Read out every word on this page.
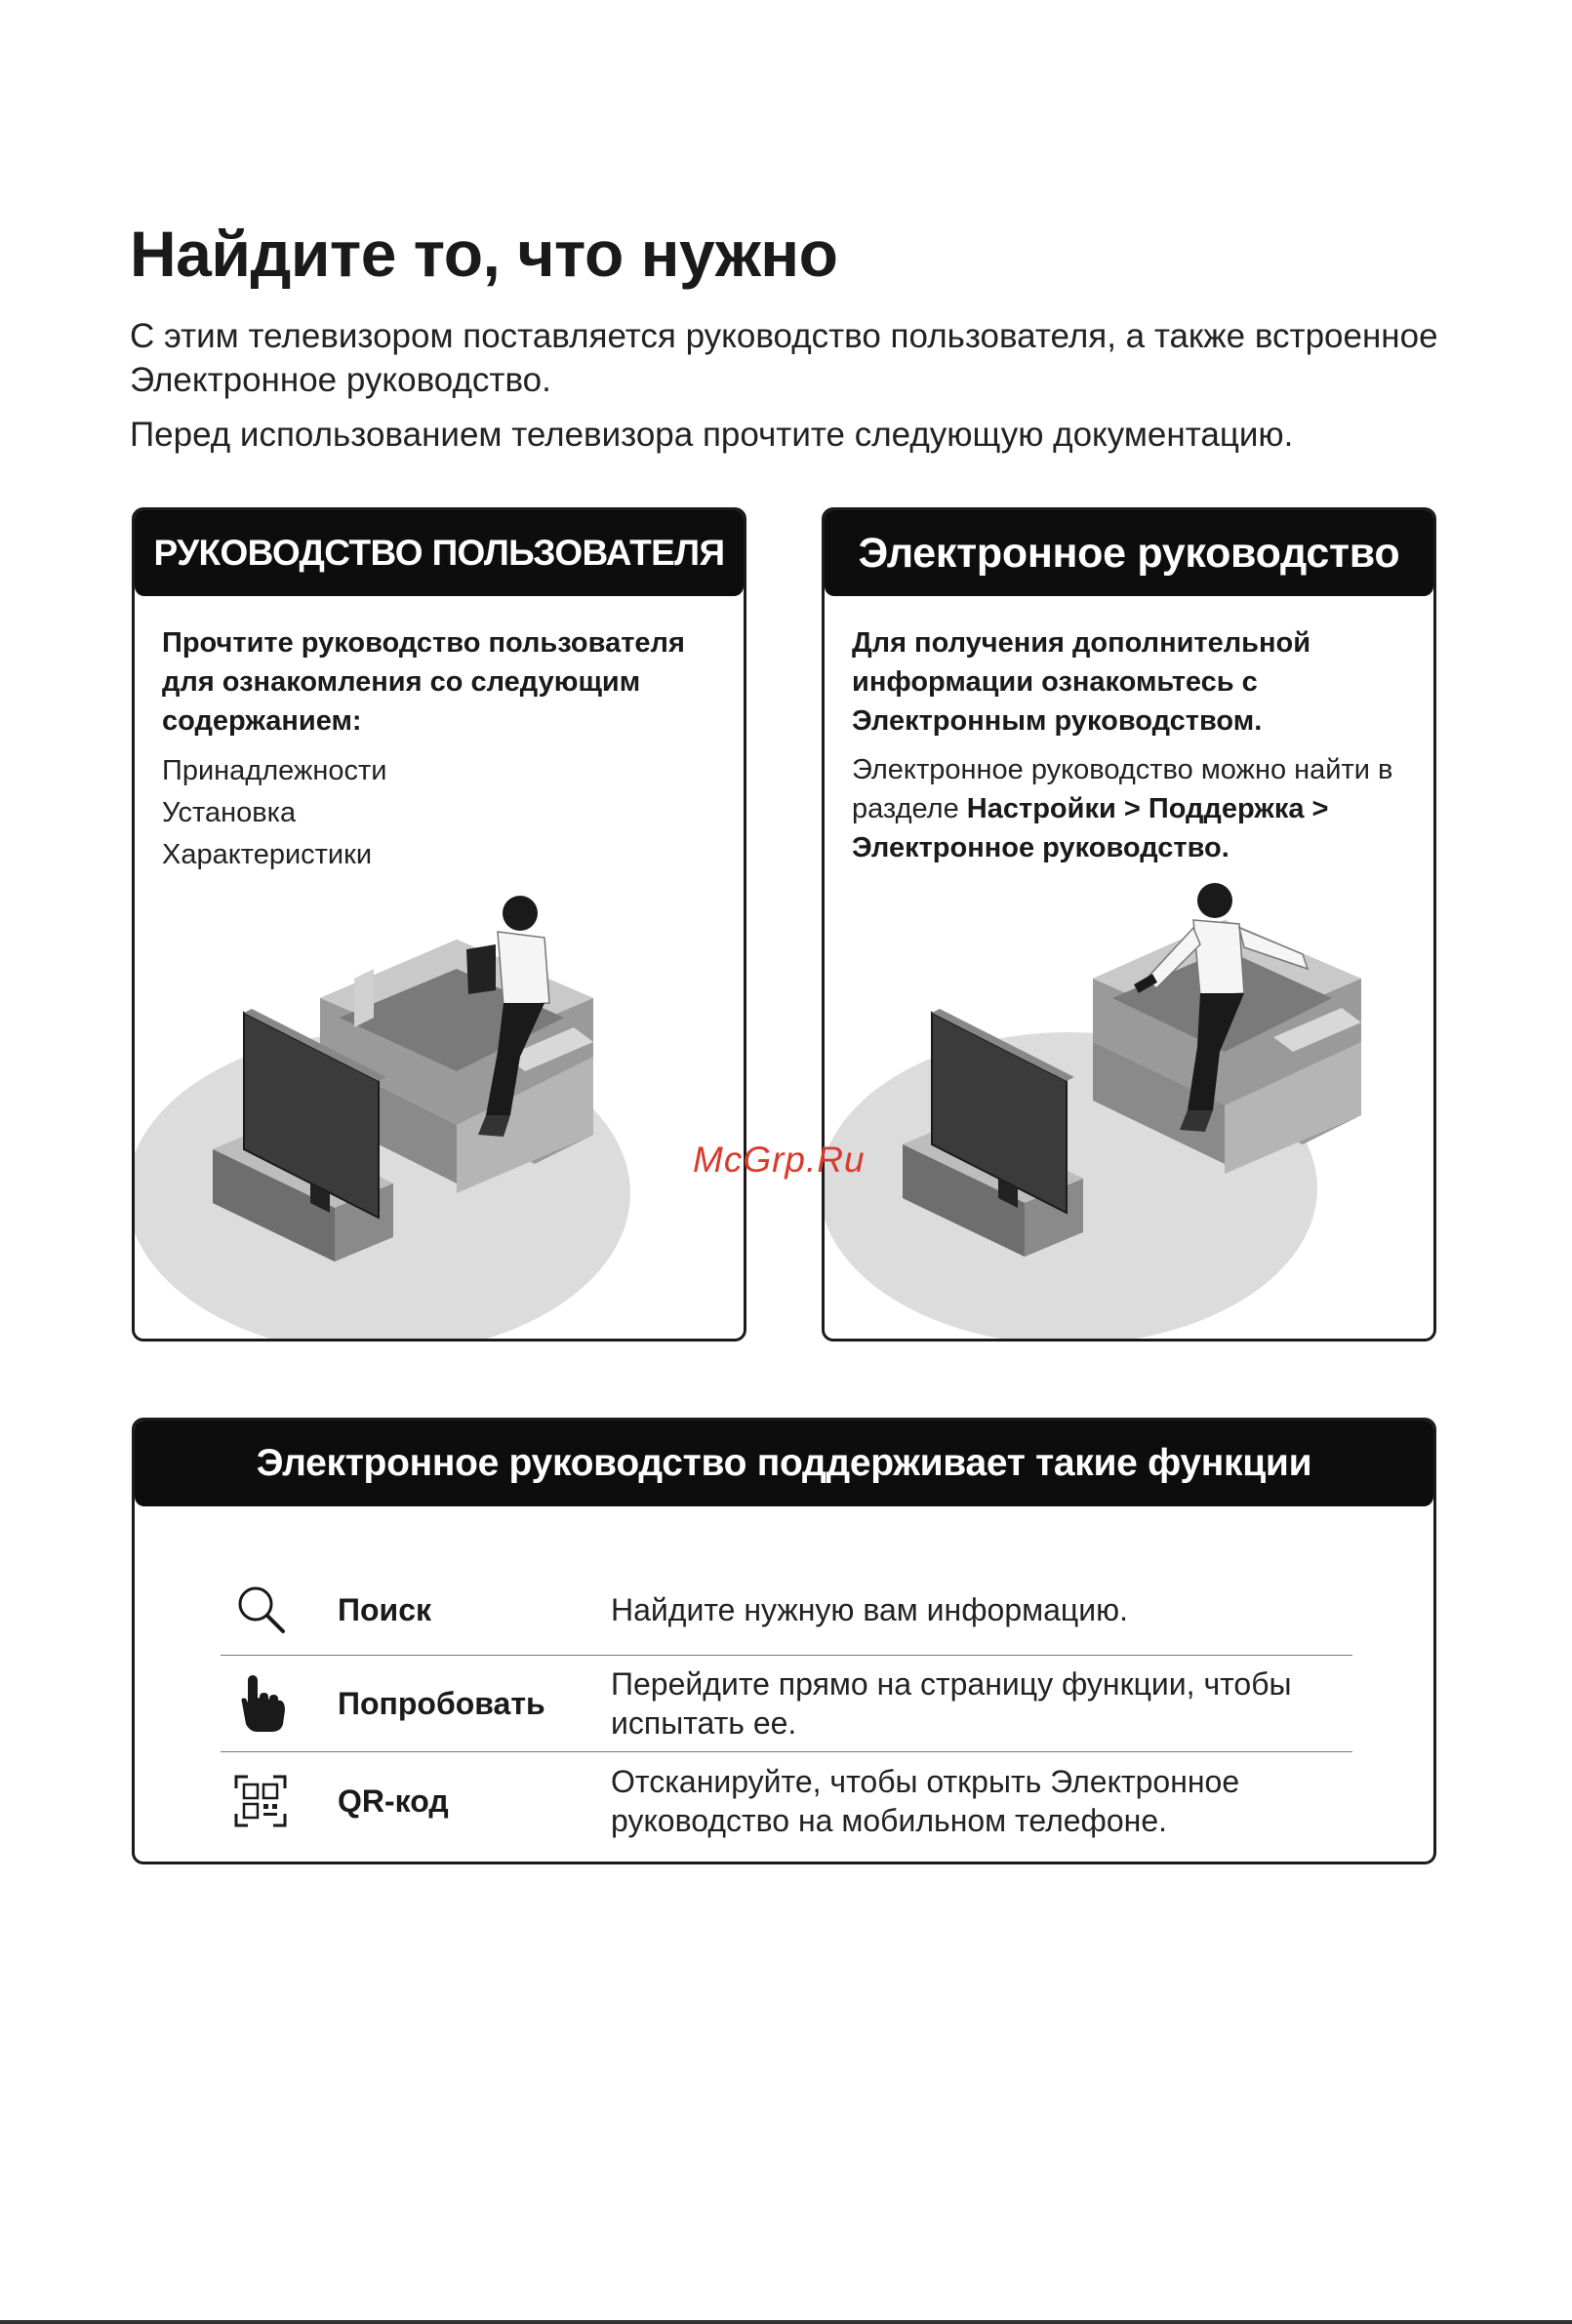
Найдите то, что нужно

С этим телевизором поставляется руководство пользователя, а также встроенное Электронное руководство.

Перед использованием телевизора прочтите следующую документацию.

РУКОВОДСТВО ПОЛЬЗОВАТЕЛЯ

Прочтите руководство пользователя для ознакомления со следующим содержанием:

Принадлежности

Установка

Характеристики

Электронное руководство

Для получения дополнительной информации ознакомьтесь с Электронным руководством.

Электронное руководство можно найти в разделе Настройки > Поддержка > Электронное руководство.

McGrp.Ru
Электронное руководство поддерживает такие функции
Поиск	Найдите нужную вам информацию.
Попробовать
Перейдите прямо на страницу функции, чтобы испытать ее.
QR-код
Отсканируйте, чтобы открыть Электронное руководство на мобильном телефоне.
